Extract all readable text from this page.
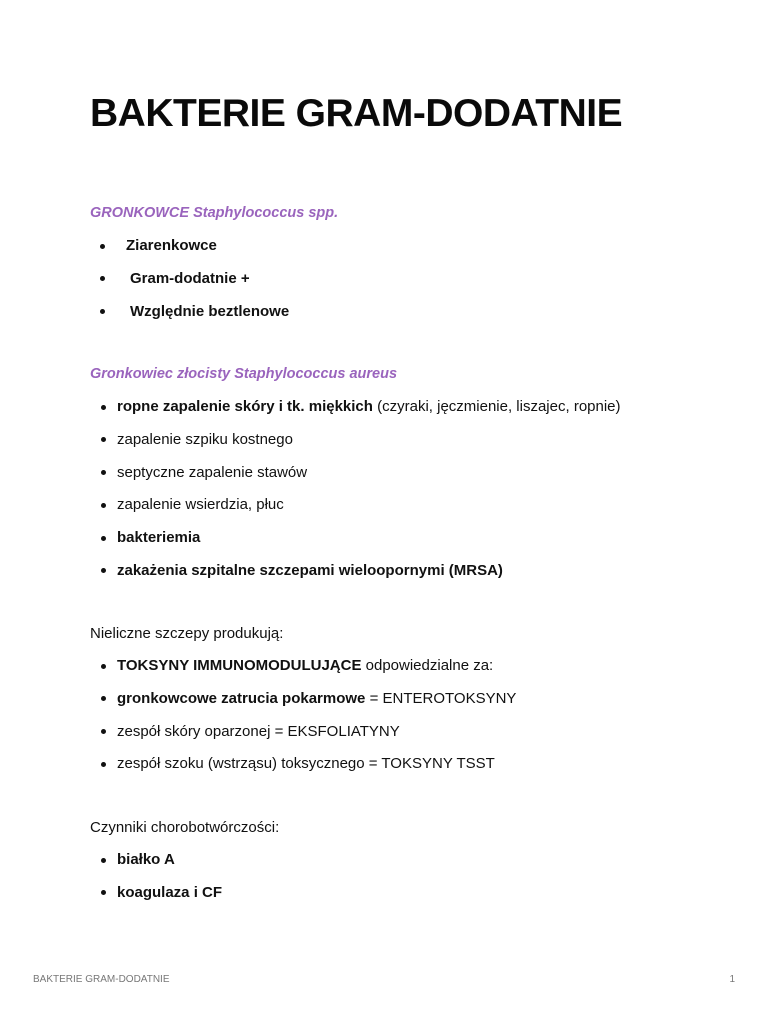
BAKTERIE GRAM-DODATNIE

GRONKOWCE Staphylococcus spp.

Ziarenkowce
Gram-dodatnie +
Względnie beztlenowe

Gronkowiec złocisty Staphylococcus aureus

ropne zapalenie skóry i tk. miękkich (czyraki, jęczmienie, liszajec, ropnie)
zapalenie szpiku kostnego
septyczne zapalenie stawów
zapalenie wsierdzia, płuc
bakteriemia
zakażenia szpitalne szczepami wieloopornymi (MRSA)

Nieliczne szczepy produkują:

TOKSYNY IMMUNOMODULUJĄCE odpowiedzialne za:
gronkowcowe zatrucia pokarmowe = ENTEROTOKSYNY
zespół skóry oparzonej = EKSFOLIATYNY
zespół szoku (wstrząsu) toksycznego = TOKSYNY TSST

Czynniki chorobotwórczości:

białko A
koagulaza i CF
BAKTERIE GRAM-DODATNIE	1
